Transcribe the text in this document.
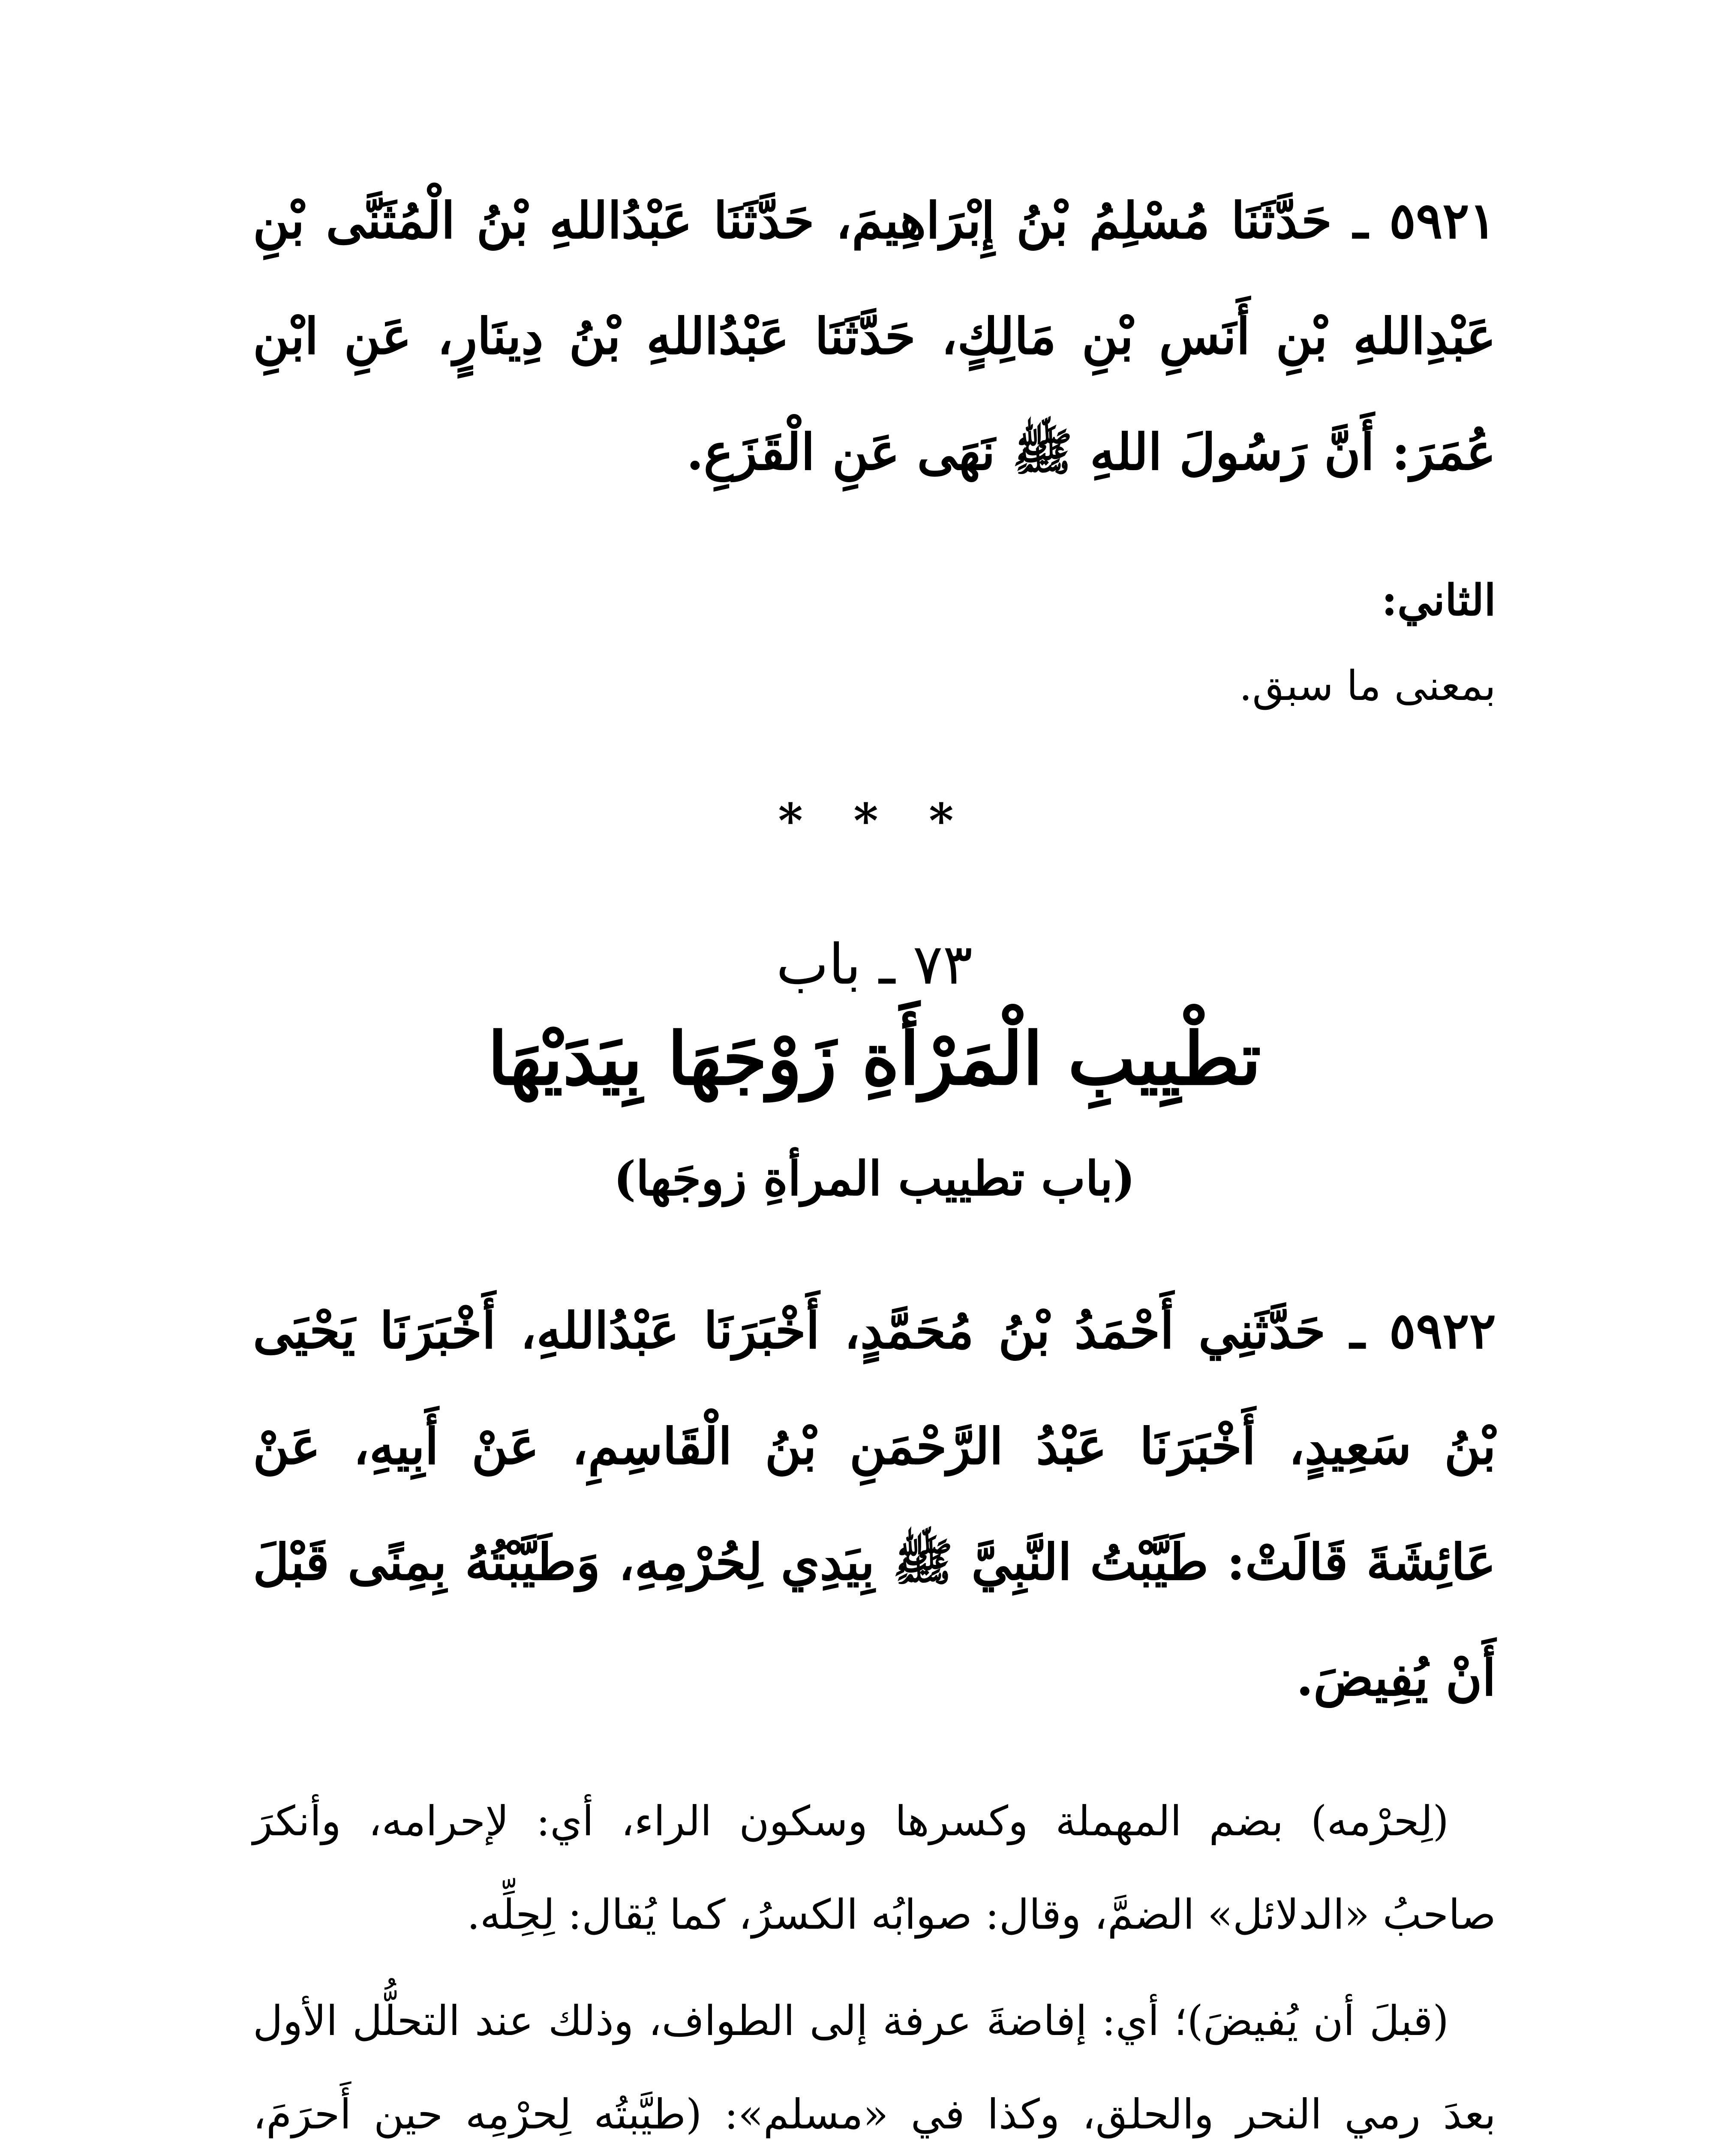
٥٩٢١ ـ حَدَّثَنَا مُسْلِمُ بْنُ إِبْرَاهِيمَ، حَدَّثَنَا عَبْدُاللهِ بْنُ الْمُثَنَّى بْنِ عَبْدِاللهِ بْنِ أَنَسِ بْنِ مَالِكٍ، حَدَّثَنَا عَبْدُاللهِ بْنُ دِينَارٍ، عَنِ ابْنِ عُمَرَ: أَنَّ رَسُولَ اللهِ ﷺ نَهَى عَنِ الْقَزَعِ.

الثاني:
بمعنى ما سبق.
* * *
٧٣ ـ باب
تطْيِيبِ الْمَرْأَةِ زَوْجَهَا بِيَدَيْهَا
(باب تطييب المرأةِ زوجَها)

٥٩٢٢ ـ حَدَّثَنِي أَحْمَدُ بْنُ مُحَمَّدٍ، أَخْبَرَنَا عَبْدُاللهِ، أَخْبَرَنَا يَحْيَى بْنُ سَعِيدٍ، أَخْبَرَنَا عَبْدُ الرَّحْمَنِ بْنُ الْقَاسِمِ، عَنْ أَبِيهِ، عَنْ عَائِشَةَ قَالَتْ: طَيَّبْتُ النَّبِيَّ ﷺ بِيَدِي لِحُرْمِهِ، وَطَيَّبْتُهُ بِمِنًى قَبْلَ أَنْ يُفِيضَ.

(لِحرْمه) بضم المهملة وكسرها وسكون الراء، أي: لإحرامه، وأنكرَ صاحبُ «الدلائل» الضمَّ، وقال: صوابُه الكسرُ، كما يُقال: لِحِلِّه.

(قبلَ أن يُفيضَ)؛ أي: إفاضةَ عرفة إلى الطواف، وذلك عند التحلُّل الأول بعدَ رمي النحر والحلق، وكذا في «مسلم»: (طيَّبتُه لِحرْمِه حين أَحرَمَ،
